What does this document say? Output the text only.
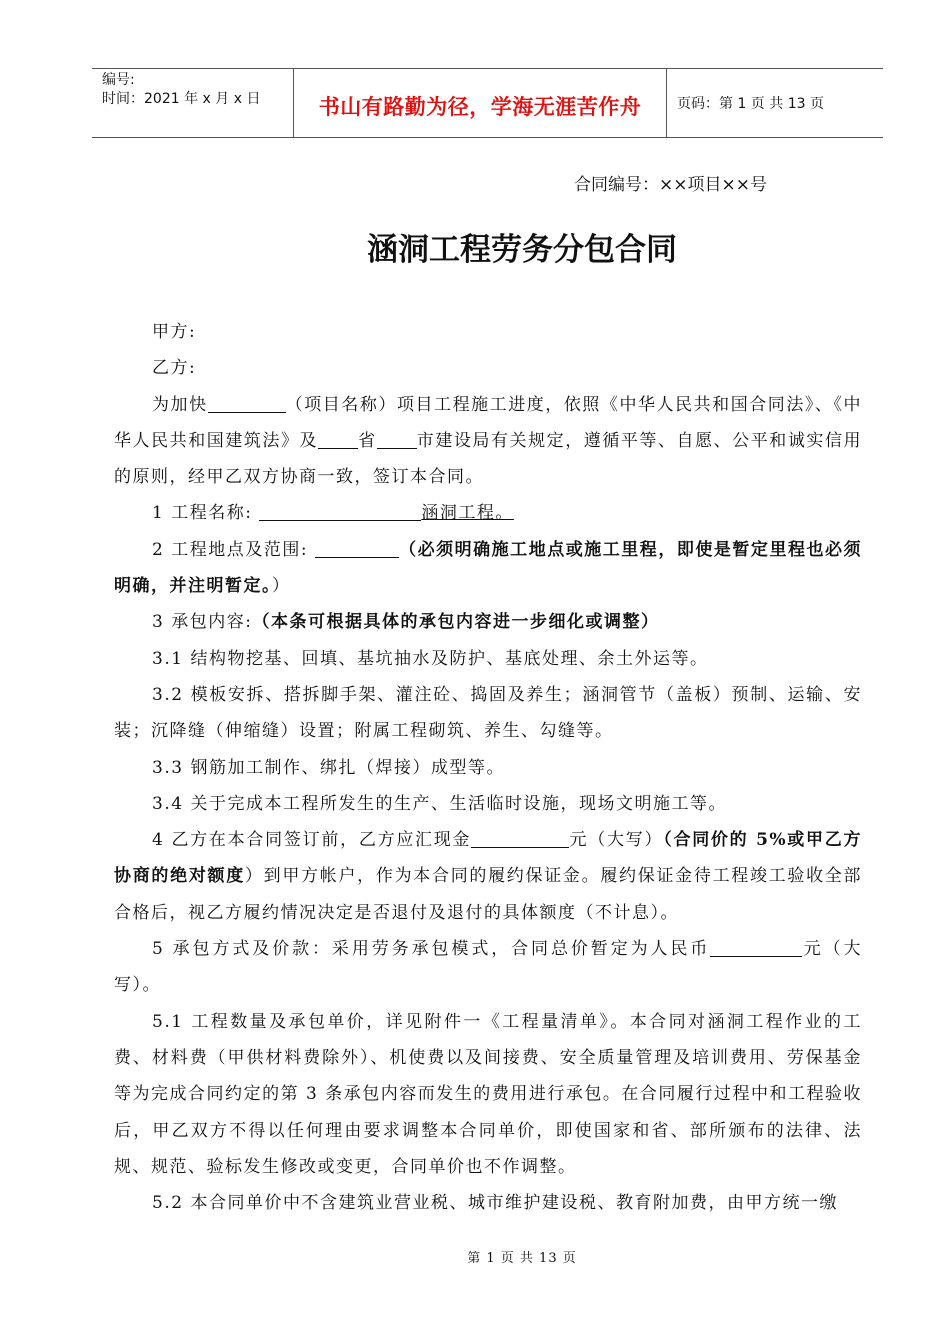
编号:
时间：2021 年 x 月 x 日	书山有路勤为径，学海无涯苦作舟	页码：第 1 页 共 13 页
合同编号：××项目××号
涵洞工程劳务分包合同

甲方:

乙方:

为加快	（项目名称）项目工程施工进度，依照《中华人民共和国合同法》、《中华人民共和国建筑法》及 省 市建设局有关规定，遵循平等、自愿、公平和诚实信用的原则，经甲乙双方协商一致，签订本合同。

1 工程名称:	涵洞工程。

2 工程地点及范围:	（必须明确施工地点或施工里程，即使是暂定里程也必须明确，并注明暂定。）

3 承包内容:（本条可根据具体的承包内容进一步细化或调整）

3.1 结构物挖基、回填、基坑抽水及防护、基底处理、余土外运等。

3.2 模板安拆、搭拆脚手架、灌注砼、捣固及养生；涵洞管节（盖板）预制、运输、安装；沉降缝（伸缩缝）设置；附属工程砌筑、养生、勾缝等。

3.3 钢筋加工制作、绑扎（焊接）成型等。

3.4 关于完成本工程所发生的生产、生活临时设施，现场文明施工等。

4 乙方在本合同签订前，乙方应汇现金	元（大写）（合同价的 5%或甲乙方协商的绝对额度）到甲方帐户，作为本合同的履约保证金。履约保证金待工程竣工验收全部合格后，视乙方履约情况决定是否退付及退付的具体额度（不计息）。

5 承包方式及价款：采用劳务承包模式，合同总价暂定为人民币	元（大写）。

5.1 工程数量及承包单价，详见附件一《工程量清单》。本合同对涵洞工程作业的工费、材料费（甲供材料费除外）、机使费以及间接费、安全质量管理及培训费用、劳保基金等为完成合同约定的第 3 条承包内容而发生的费用进行承包。在合同履行过程中和工程验收后，甲乙双方不得以任何理由要求调整本合同单价，即使国家和省、部所颁布的法律、法规、规范、验标发生修改或变更，合同单价也不作调整。

5.2 本合同单价中不含建筑业营业税、城市维护建设税、教育附加费，由甲方统一缴

第 1 页 共 13 页
